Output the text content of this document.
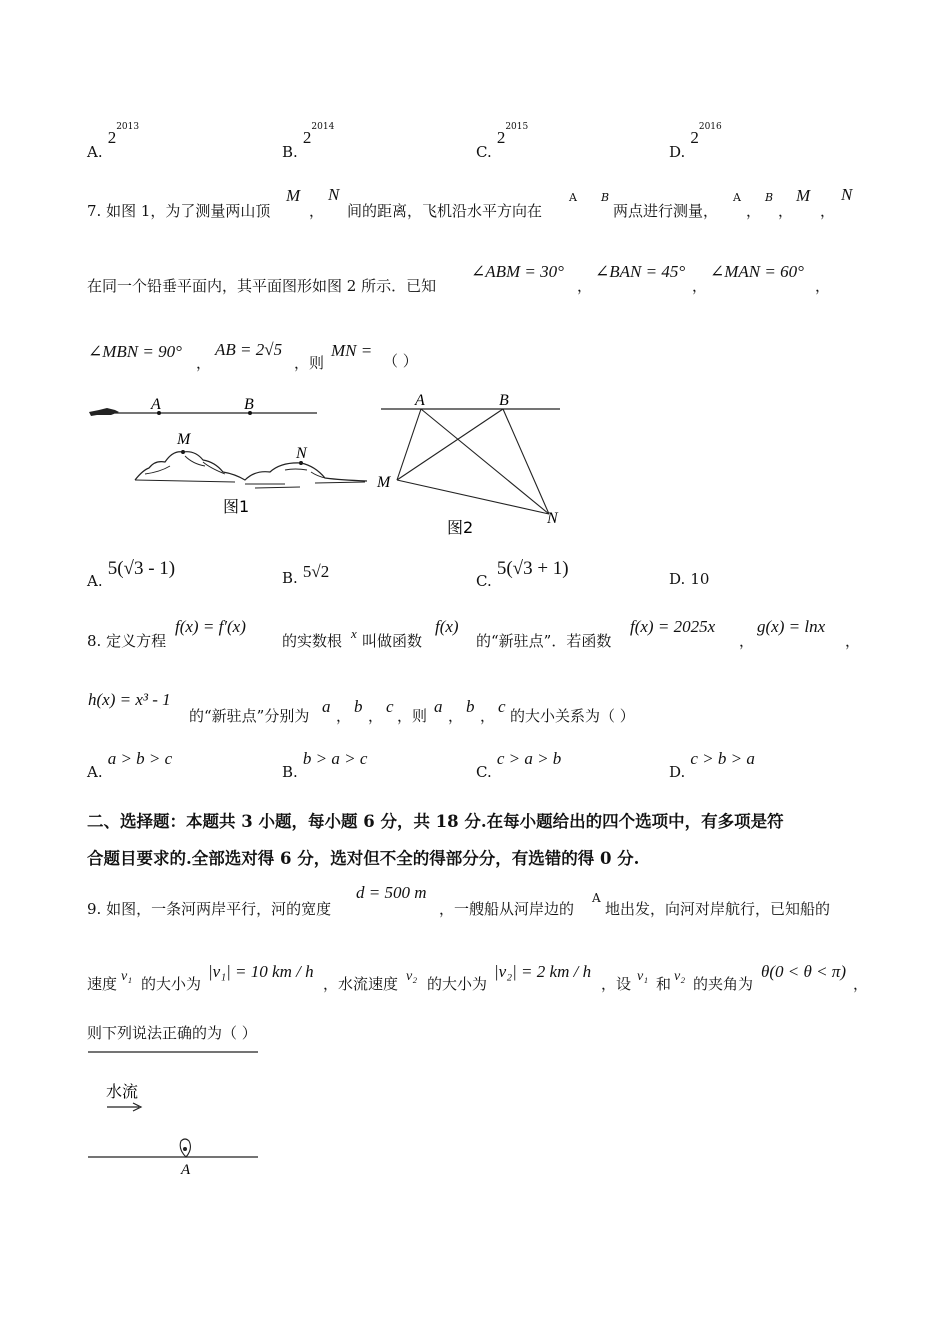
A. $2^{2013}$
B. $2^{2014}$
C. $2^{2015}$
D. $2^{2016}$
7. 如图 1，为了测量两山顶
M
，
N
间的距离，飞机沿水平方向在
A B
两点进行测量，
A
，
B
，
M
，
N
在同一个铅垂平面内，其平面图形如图 2 所示．已知
∠ABM = 30°
，
∠BAN = 45°
，
∠MAN = 60°
，
∠MBN = 90°
，
AB = 2√5
，则
MN =
（ ）
A	B
M
N
图1
A	B
M
N
图2
A. 5(√3 - 1)	B. 5√2	C. 5(√3 + 1)	D. 10
8. 定义方程
f(x) = f′(x)
的实数根 x 叫做函数
f(x)
的“新驻点”．若函数
f(x) = 2025x
，
g(x) = lnx
，
h(x) = x³ - 1
的“新驻点”分别为 a ， b ， c ，则 a ， b ， c 的大小关系为（ ）
A. a > b > c
B. b > a > c
C. c > a > b
D. c > b > a
二、选择题：本题共 3 小题，每小题 6 分，共 18 分.在每小题给出的四个选项中，有多项是符
合题目要求的.全部选对得 6 分，选对但不全的得部分分，有选错的得 0 分.
9. 如图，一条河两岸平行，河的宽度
d = 500 m
，一艘船从河岸边的
A
地出发，向河对岸航行，已知船的
速度 v₁ 的大小为
|v₁| = 10 km / h
，水流速度 v₂ 的大小为
|v₂| = 2 km / h
，设 v₁ 和 v₂ 的夹角为
θ(0 < θ < π)
，
则下列说法正确的为（ ）
水流
A
